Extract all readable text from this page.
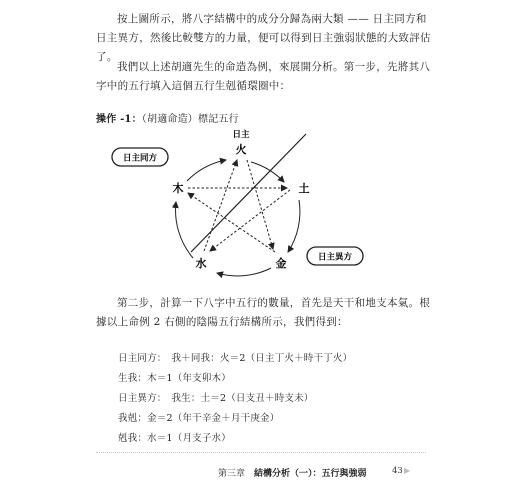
按上圖所示，將八字結構中的成分分歸為兩大類 —— 日主同方和日主異方，然後比較雙方的力量，便可以得到日主強弱狀態的大致評估了。
我們以上述胡適先生的命造為例，來展開分析。第一步，先將其八字中的五行填入這個五行生剋循環圈中：
操作 -1：（胡適命造）標記五行
日主同方
日主異方
日主
火
土
金
水
木
第二步，計算一下八字中五行的數量，首先是天干和地支本氣。根據以上命例 2 右側的陰陽五行結構所示，我們得到：
日主同方：　我＋同我：火＝2（日主丁火＋時干丁火）
生我：木＝1（年支卯木）
日主異方：　我生：土＝2（日支丑＋時支未）
我剋：金＝2（年干辛金＋月干庚金）
剋我：水＝1（月支子水）
第三章　 結構分析（一）：五行與強弱	43 ▶
